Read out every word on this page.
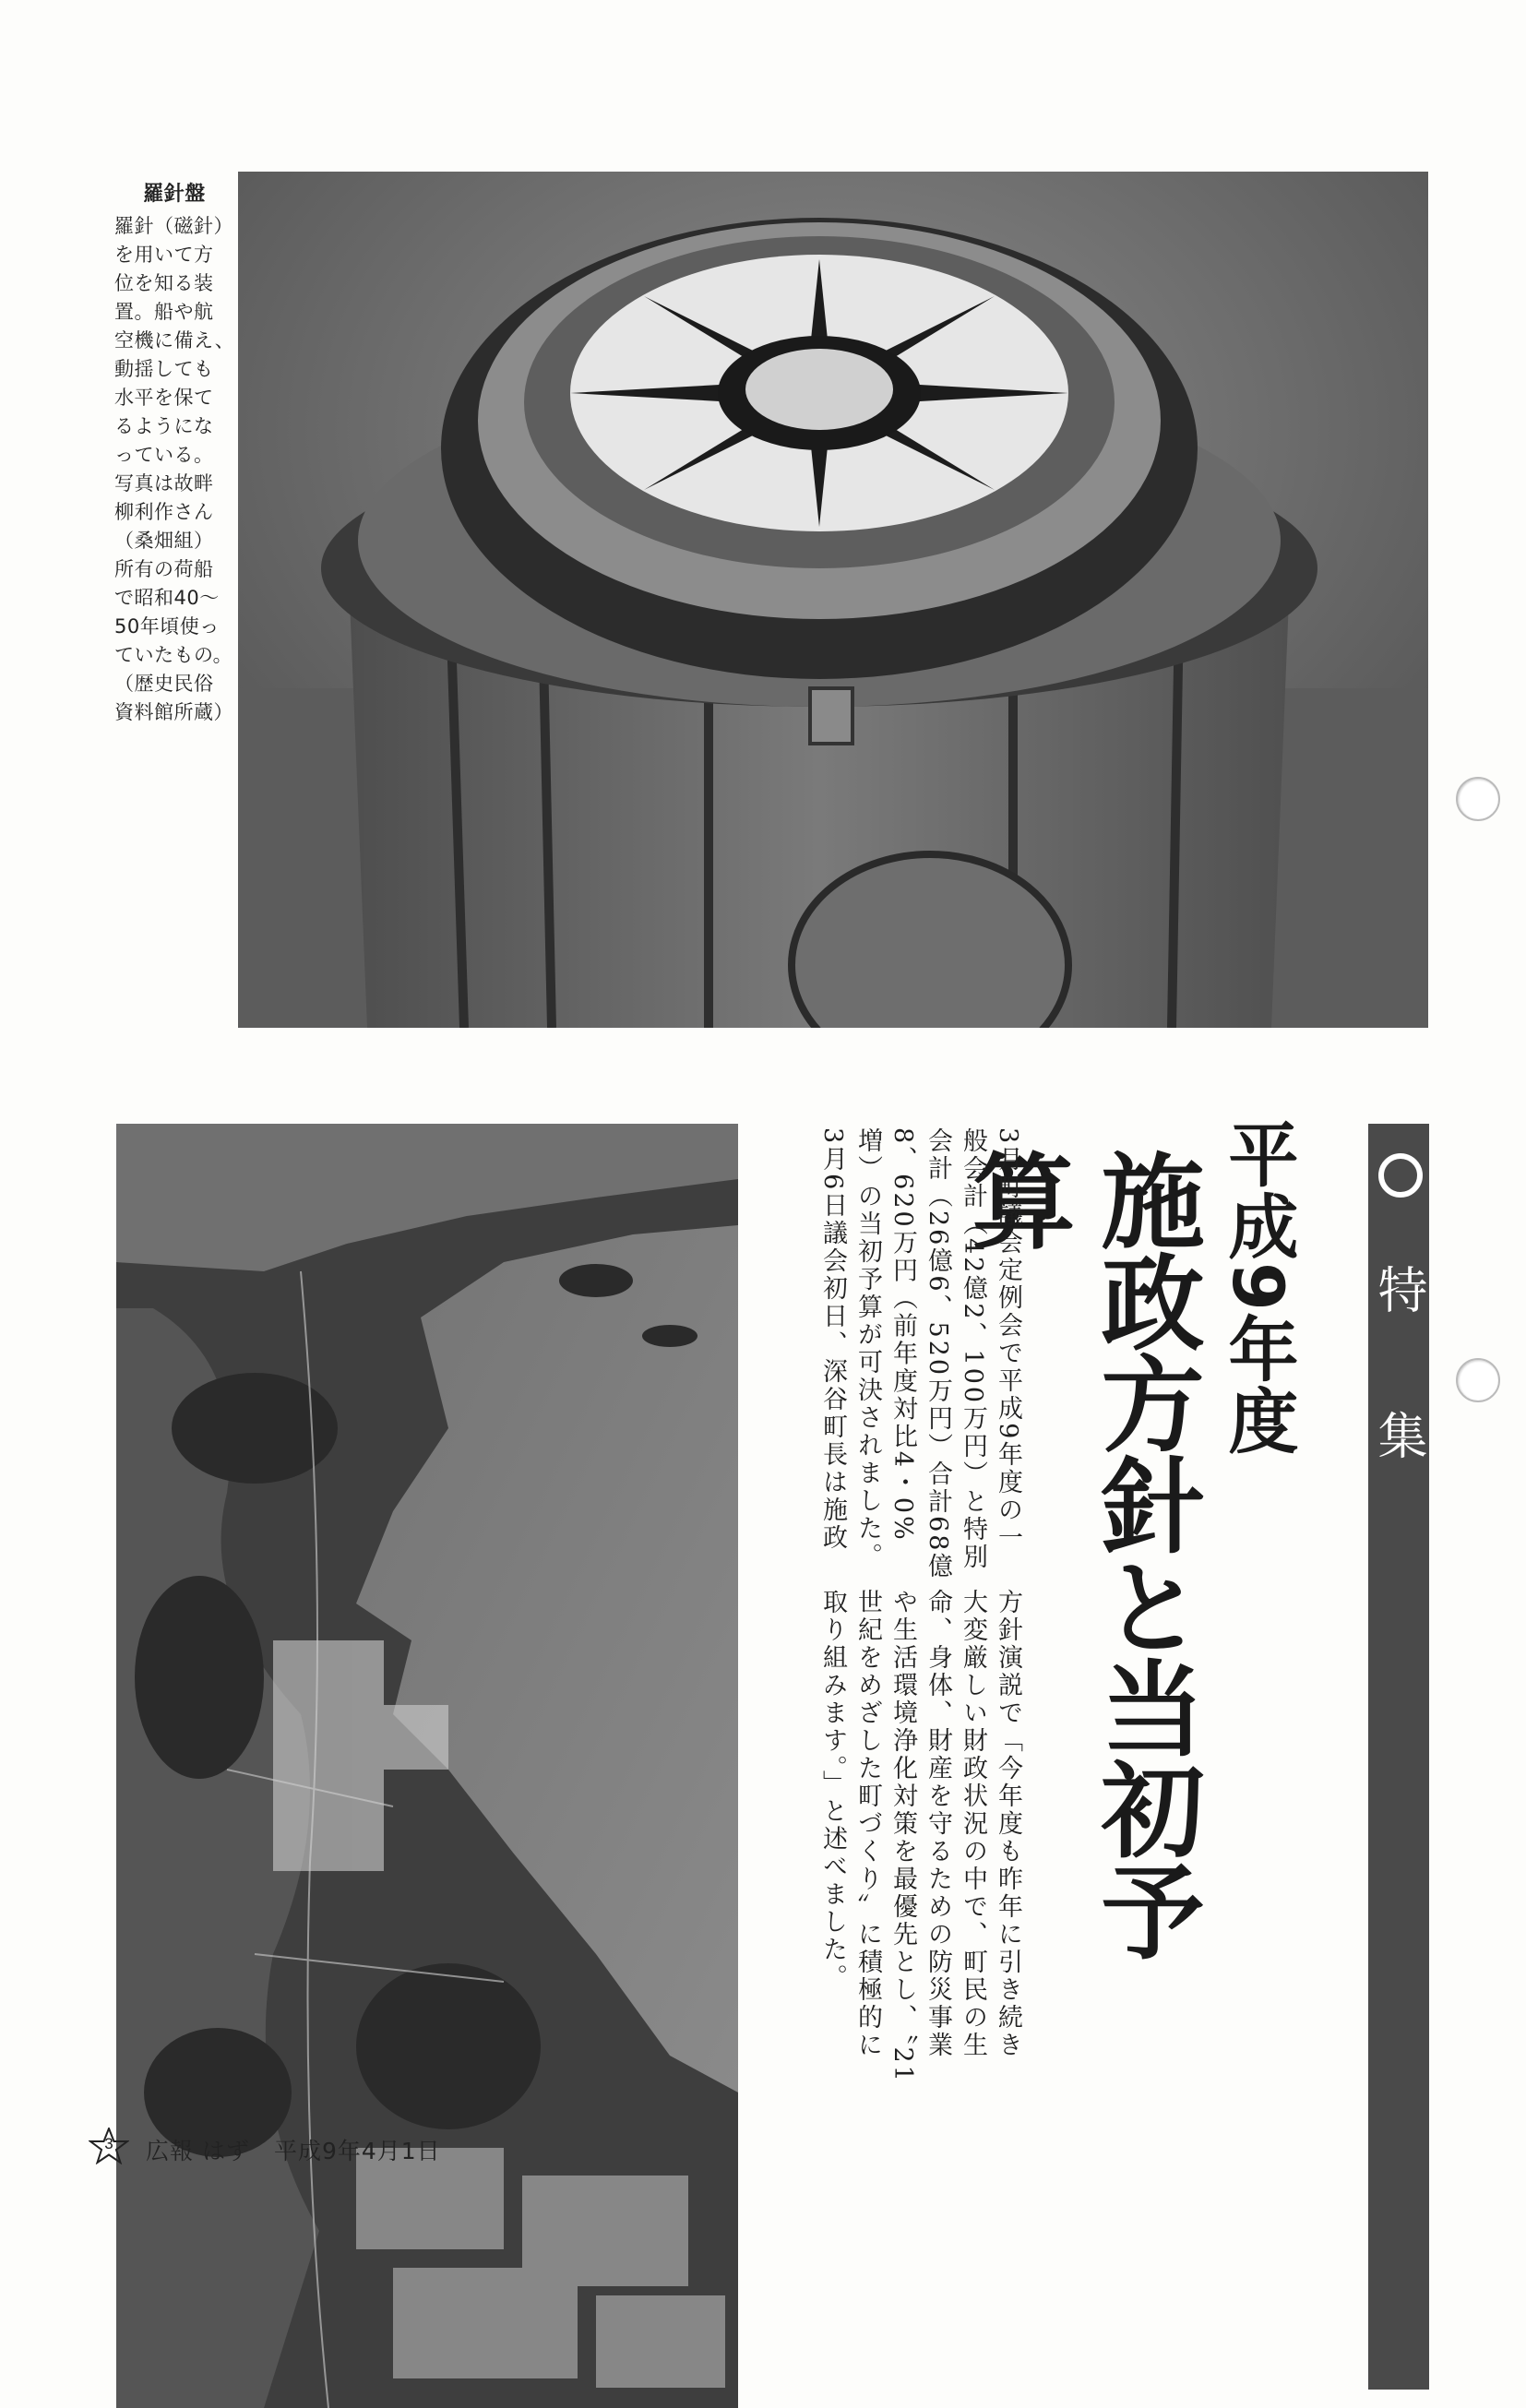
羅針盤
羅針（磁針）
を用いて方
位を知る装
置。船や航
空機に備え、
動揺しても
水平を保て
るようにな
っている。
写真は故畔
柳利作さん
（桑畑組）
所有の荷船
で昭和40～
50年頃使っ
ていたもの。
（歴史民俗
資料館所蔵）
特集
平成9年度
施政方針と当初予算
3月町議会定例会で平成9年度の一
般会計（42億2、100万円）と特別
会計（26億6、520万円）合計68億
8、620万円（前年度対比4・0%
増）の当初予算が可決されました。
3月6日議会初日、深谷町長は施政
方針演説で「今年度も昨年に引き続き
大変厳しい財政状況の中で、町民の生
命、身体、財産を守るための防災事業
や生活環境浄化対策を最優先とし、〝21
世紀をめざした町づくり〟に積極的に
取り組みます。」と述べました。
3	広報 はず　平成9年4月1日
